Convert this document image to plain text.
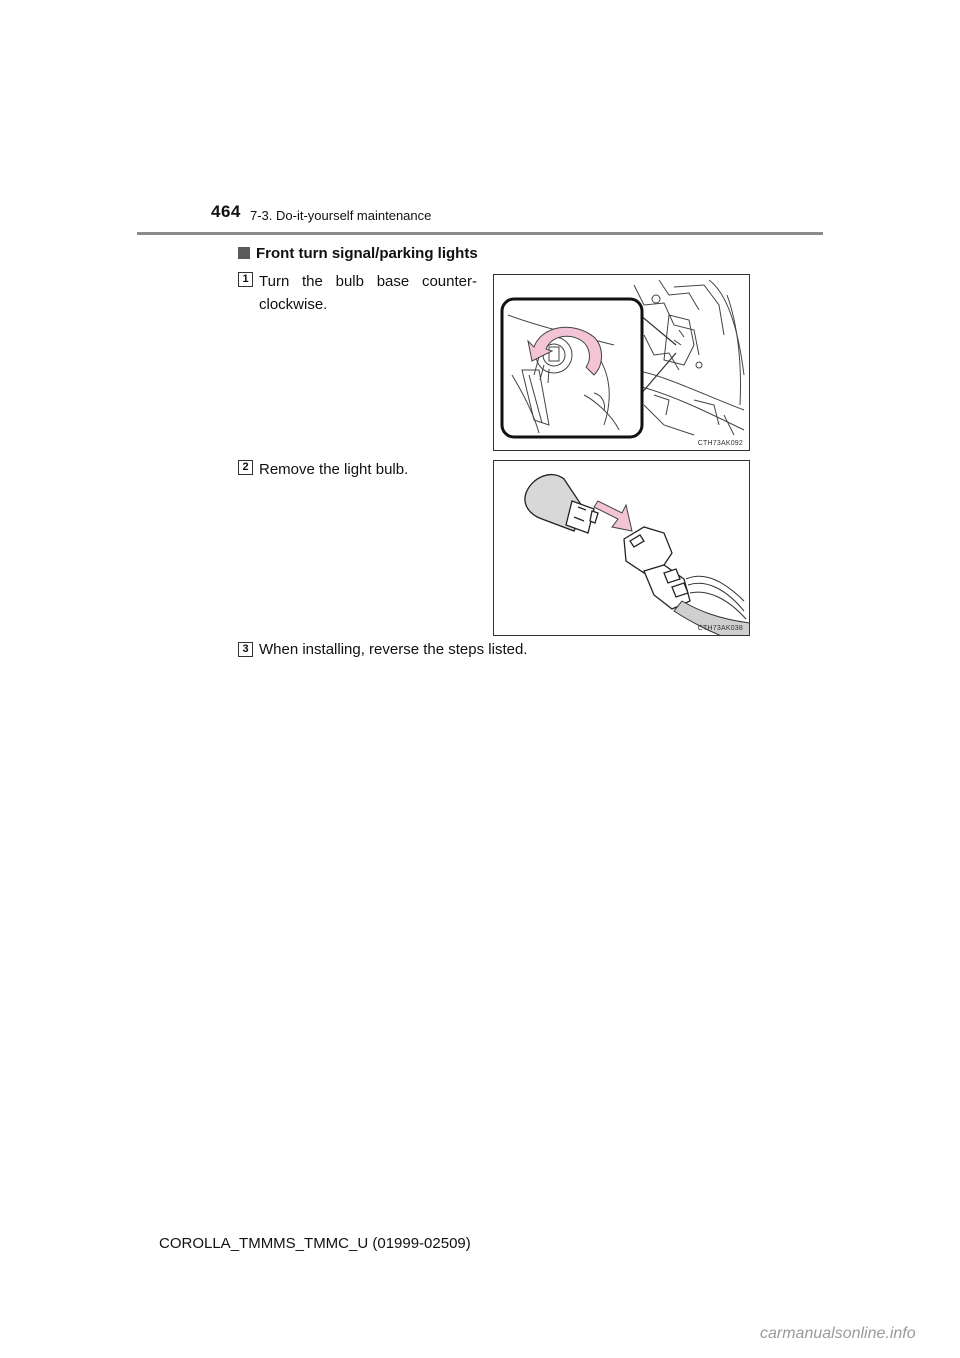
464 7-3. Do-it-yourself maintenance
Front turn signal/parking lights
1 Turn the bulb base counter-clockwise.
CTH73AK092
2 Remove the light bulb.
CTH73AK038
3 When installing, reverse the steps listed.
COROLLA_TMMMS_TMMC_U (01999-02509)
carmanualsonline.info
